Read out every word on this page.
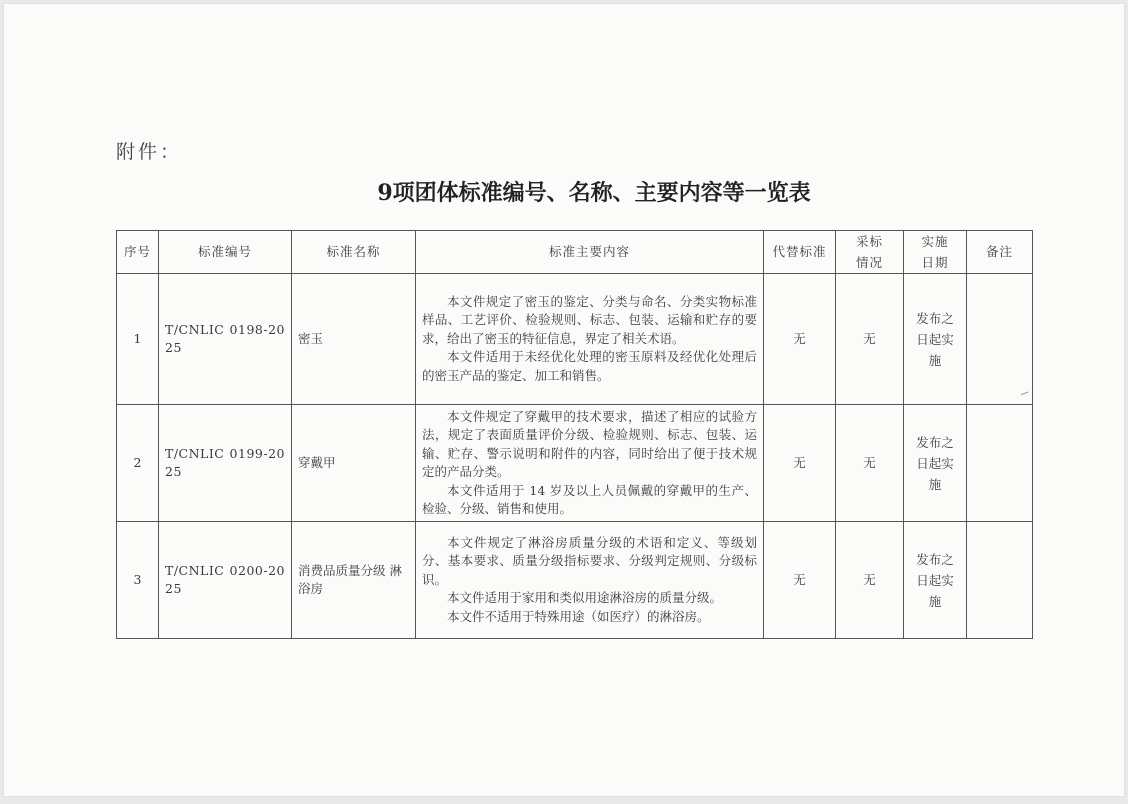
附件：
9项团体标准编号、名称、主要内容等一览表
序号	标准编号	标准名称	标准主要内容	代替标准	采标情况	实施日期	备注
1	T/CNLIC 0198-2025	密玉	本文件规定了密玉的鉴定、分类与命名、分类实物标准样品、工艺评价、检验规则、标志、包装、运输和贮存的要求，给出了密玉的特征信息，界定了相关术语。

本文件适用于未经优化处理的密玉原料及经优化处理后的密玉产品的鉴定、加工和销售。	无	无	发布之日起实施	

2	T/CNLIC 0199-2025	穿戴甲	本文件规定了穿戴甲的技术要求，描述了相应的试验方法，规定了表面质量评价分级、检验规则、标志、包装、运输、贮存、警示说明和附件的内容，同时给出了便于技术规定的产品分类。

本文件适用于 14 岁及以上人员佩戴的穿戴甲的生产、检验、分级、销售和使用。	无	无	发布之日起实施	

3	T/CNLIC 0200-2025	消费品质量分级 淋浴房	本文件规定了淋浴房质量分级的术语和定义、等级划分、基本要求、质量分级指标要求、分级判定规则、分级标识。

本文件适用于家用和类似用途淋浴房的质量分级。

本文件不适用于特殊用途（如医疗）的淋浴房。	无	无	发布之日起实施	
